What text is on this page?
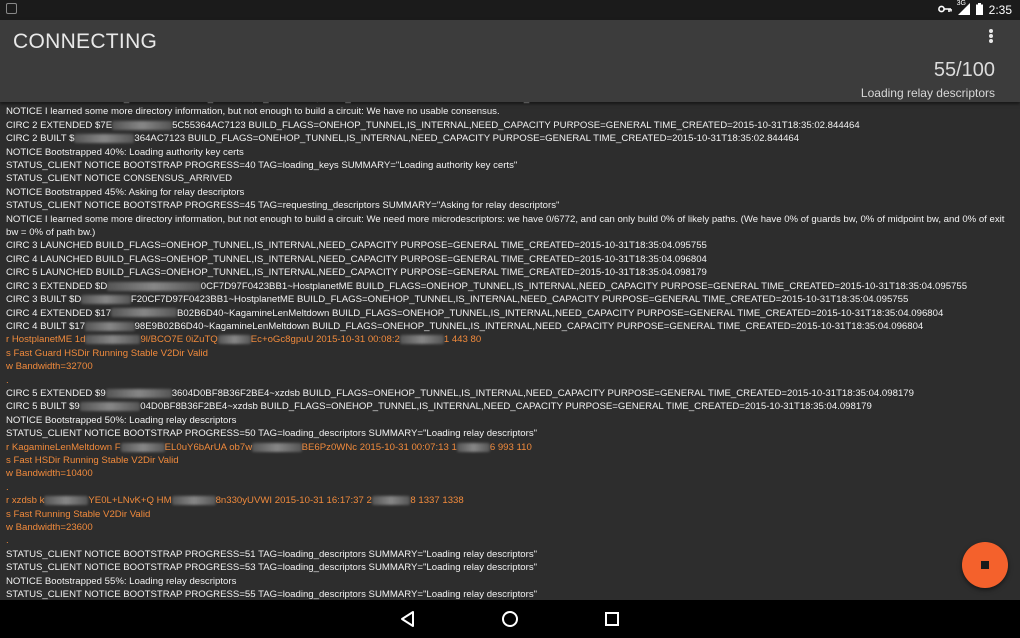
3G 2:35
CONNECTING
55/100
Loading relay descriptors
NOTICE I learned some more directory information, but not enough to build a circuit: We have no usable consensus.
CIRC 2 EXTENDED $7E	5C55364AC7123 BUILD_FLAGS=ONEHOP_TUNNEL,IS_INTERNAL,NEED_CAPACITY PURPOSE=GENERAL TIME_CREATED=2015-10-31T18:35:02.844464
CIRC 2 BUILT $	364AC7123 BUILD_FLAGS=ONEHOP_TUNNEL,IS_INTERNAL,NEED_CAPACITY PURPOSE=GENERAL TIME_CREATED=2015-10-31T18:35:02.844464
NOTICE Bootstrapped 40%: Loading authority key certs
STATUS_CLIENT NOTICE BOOTSTRAP PROGRESS=40 TAG=loading_keys SUMMARY="Loading authority key certs"
STATUS_CLIENT NOTICE CONSENSUS_ARRIVED
NOTICE Bootstrapped 45%: Asking for relay descriptors
STATUS_CLIENT NOTICE BOOTSTRAP PROGRESS=45 TAG=requesting_descriptors SUMMARY="Asking for relay descriptors"
NOTICE I learned some more directory information, but not enough to build a circuit: We need more microdescriptors: we have 0/6772, and can only build 0% of likely paths. (We have 0% of guards bw, 0% of midpoint bw, and 0% of exit bw = 0% of path bw.)
CIRC 3 LAUNCHED BUILD_FLAGS=ONEHOP_TUNNEL,IS_INTERNAL,NEED_CAPACITY PURPOSE=GENERAL TIME_CREATED=2015-10-31T18:35:04.095755
CIRC 4 LAUNCHED BUILD_FLAGS=ONEHOP_TUNNEL,IS_INTERNAL,NEED_CAPACITY PURPOSE=GENERAL TIME_CREATED=2015-10-31T18:35:04.096804
CIRC 5 LAUNCHED BUILD_FLAGS=ONEHOP_TUNNEL,IS_INTERNAL,NEED_CAPACITY PURPOSE=GENERAL TIME_CREATED=2015-10-31T18:35:04.098179
CIRC 3 EXTENDED $D	0CF7D97F0423BB1~HostplanetME BUILD_FLAGS=ONEHOP_TUNNEL,IS_INTERNAL,NEED_CAPACITY PURPOSE=GENERAL TIME_CREATED=2015-10-31T18:35:04.095755
CIRC 3 BUILT $D	F20CF7D97F0423BB1~HostplanetME BUILD_FLAGS=ONEHOP_TUNNEL,IS_INTERNAL,NEED_CAPACITY PURPOSE=GENERAL TIME_CREATED=2015-10-31T18:35:04.095755
CIRC 4 EXTENDED $17	B02B6D40~KagamineLenMeltdown BUILD_FLAGS=ONEHOP_TUNNEL,IS_INTERNAL,NEED_CAPACITY PURPOSE=GENERAL TIME_CREATED=2015-10-31T18:35:04.096804
CIRC 4 BUILT $17	98E9B02B6D40~KagamineLenMeltdown BUILD_FLAGS=ONEHOP_TUNNEL,IS_INTERNAL,NEED_CAPACITY PURPOSE=GENERAL TIME_CREATED=2015-10-31T18:35:04.096804
r HostplanetME 1d	9l/BCO7E 0iZuTQ	Ec+oGc8gpuU 2015-10-31 00:08:2	1 443 80
s Fast Guard HSDir Running Stable V2Dir Valid
w Bandwidth=32700
.
CIRC 5 EXTENDED $9	3604D0BF8B36F2BE4~xzdsb BUILD_FLAGS=ONEHOP_TUNNEL,IS_INTERNAL,NEED_CAPACITY PURPOSE=GENERAL TIME_CREATED=2015-10-31T18:35:04.098179
CIRC 5 BUILT $9	04D0BF8B36F2BE4~xzdsb BUILD_FLAGS=ONEHOP_TUNNEL,IS_INTERNAL,NEED_CAPACITY PURPOSE=GENERAL TIME_CREATED=2015-10-31T18:35:04.098179
NOTICE Bootstrapped 50%: Loading relay descriptors
STATUS_CLIENT NOTICE BOOTSTRAP PROGRESS=50 TAG=loading_descriptors SUMMARY="Loading relay descriptors"
r KagamineLenMeltdown F	EL0uY6bArUA ob7w	BE6Pz0WNc 2015-10-31 00:07:13 1	6 993 110
s Fast HSDir Running Stable V2Dir Valid
w Bandwidth=10400
.
r xzdsb k	YE0L+LNvK+Q HM	8n330yUVWI 2015-10-31 16:17:37 2	8 1337 1338
s Fast Running Stable V2Dir Valid
w Bandwidth=23600
.
STATUS_CLIENT NOTICE BOOTSTRAP PROGRESS=51 TAG=loading_descriptors SUMMARY="Loading relay descriptors"
STATUS_CLIENT NOTICE BOOTSTRAP PROGRESS=53 TAG=loading_descriptors SUMMARY="Loading relay descriptors"
NOTICE Bootstrapped 55%: Loading relay descriptors
STATUS_CLIENT NOTICE BOOTSTRAP PROGRESS=55 TAG=loading_descriptors SUMMARY="Loading relay descriptors"
